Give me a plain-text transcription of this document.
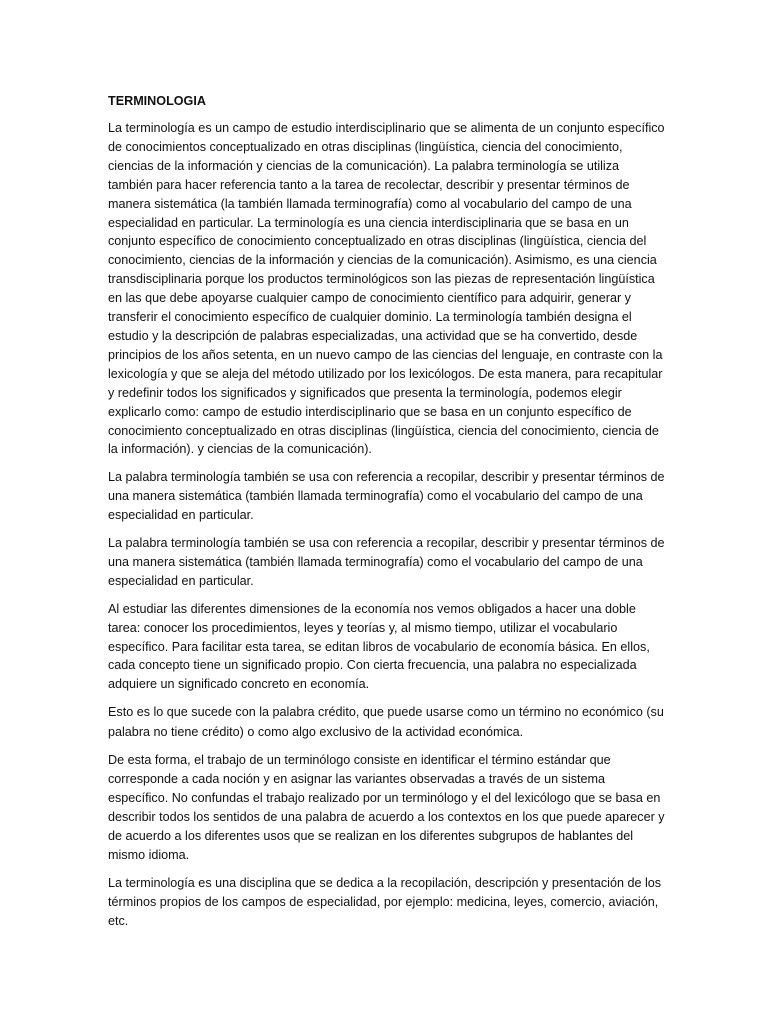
TERMINOLOGIA

La terminología es un campo de estudio interdisciplinario que se alimenta de un conjunto específico de conocimientos conceptualizado en otras disciplinas (lingüística, ciencia del conocimiento, ciencias de la información y ciencias de la comunicación). La palabra terminología se utiliza también para hacer referencia tanto a la tarea de recolectar, describir y presentar términos de manera sistemática (la también llamada terminografía) como al vocabulario del campo de una especialidad en particular. La terminología es una ciencia interdisciplinaria que se basa en un conjunto específico de conocimiento conceptualizado en otras disciplinas (lingüística, ciencia del conocimiento, ciencias de la información y ciencias de la comunicación). Asimismo, es una ciencia transdisciplinaria porque los productos terminológicos son las piezas de representación lingüística en las que debe apoyarse cualquier campo de conocimiento científico para adquirir, generar y transferir el conocimiento específico de cualquier dominio. La terminología también designa el estudio y la descripción de palabras especializadas, una actividad que se ha convertido, desde principios de los años setenta, en un nuevo campo de las ciencias del lenguaje, en contraste con la lexicología y que se aleja del método utilizado por los lexicólogos. De esta manera, para recapitular y redefinir todos los significados y significados que presenta la terminología, podemos elegir explicarlo como: campo de estudio interdisciplinario que se basa en un conjunto específico de conocimiento conceptualizado en otras disciplinas (lingüística, ciencia del conocimiento, ciencia de la información). y ciencias de la comunicación).

La palabra terminología también se usa con referencia a recopilar, describir y presentar términos de una manera sistemática (también llamada terminografía) como el vocabulario del campo de una especialidad en particular.

La palabra terminología también se usa con referencia a recopilar, describir y presentar términos de una manera sistemática (también llamada terminografía) como el vocabulario del campo de una especialidad en particular.

Al estudiar las diferentes dimensiones de la economía nos vemos obligados a hacer una doble tarea: conocer los procedimientos, leyes y teorías y, al mismo tiempo, utilizar el vocabulario específico. Para facilitar esta tarea, se editan libros de vocabulario de economía básica. En ellos, cada concepto tiene un significado propio. Con cierta frecuencia, una palabra no especializada adquiere un significado concreto en economía.

Esto es lo que sucede con la palabra crédito, que puede usarse como un término no económico (su palabra no tiene crédito) o como algo exclusivo de la actividad económica.

De esta forma, el trabajo de un terminólogo consiste en identificar el término estándar que corresponde a cada noción y en asignar las variantes observadas a través de un sistema específico. No confundas el trabajo realizado por un terminólogo y el del lexicólogo que se basa en describir todos los sentidos de una palabra de acuerdo a los contextos en los que puede aparecer y de acuerdo a los diferentes usos que se realizan en los diferentes subgrupos de hablantes del mismo idioma.

La terminología es una disciplina que se dedica a la recopilación, descripción y presentación de los términos propios de los campos de especialidad, por ejemplo: medicina, leyes, comercio, aviación, etc.
